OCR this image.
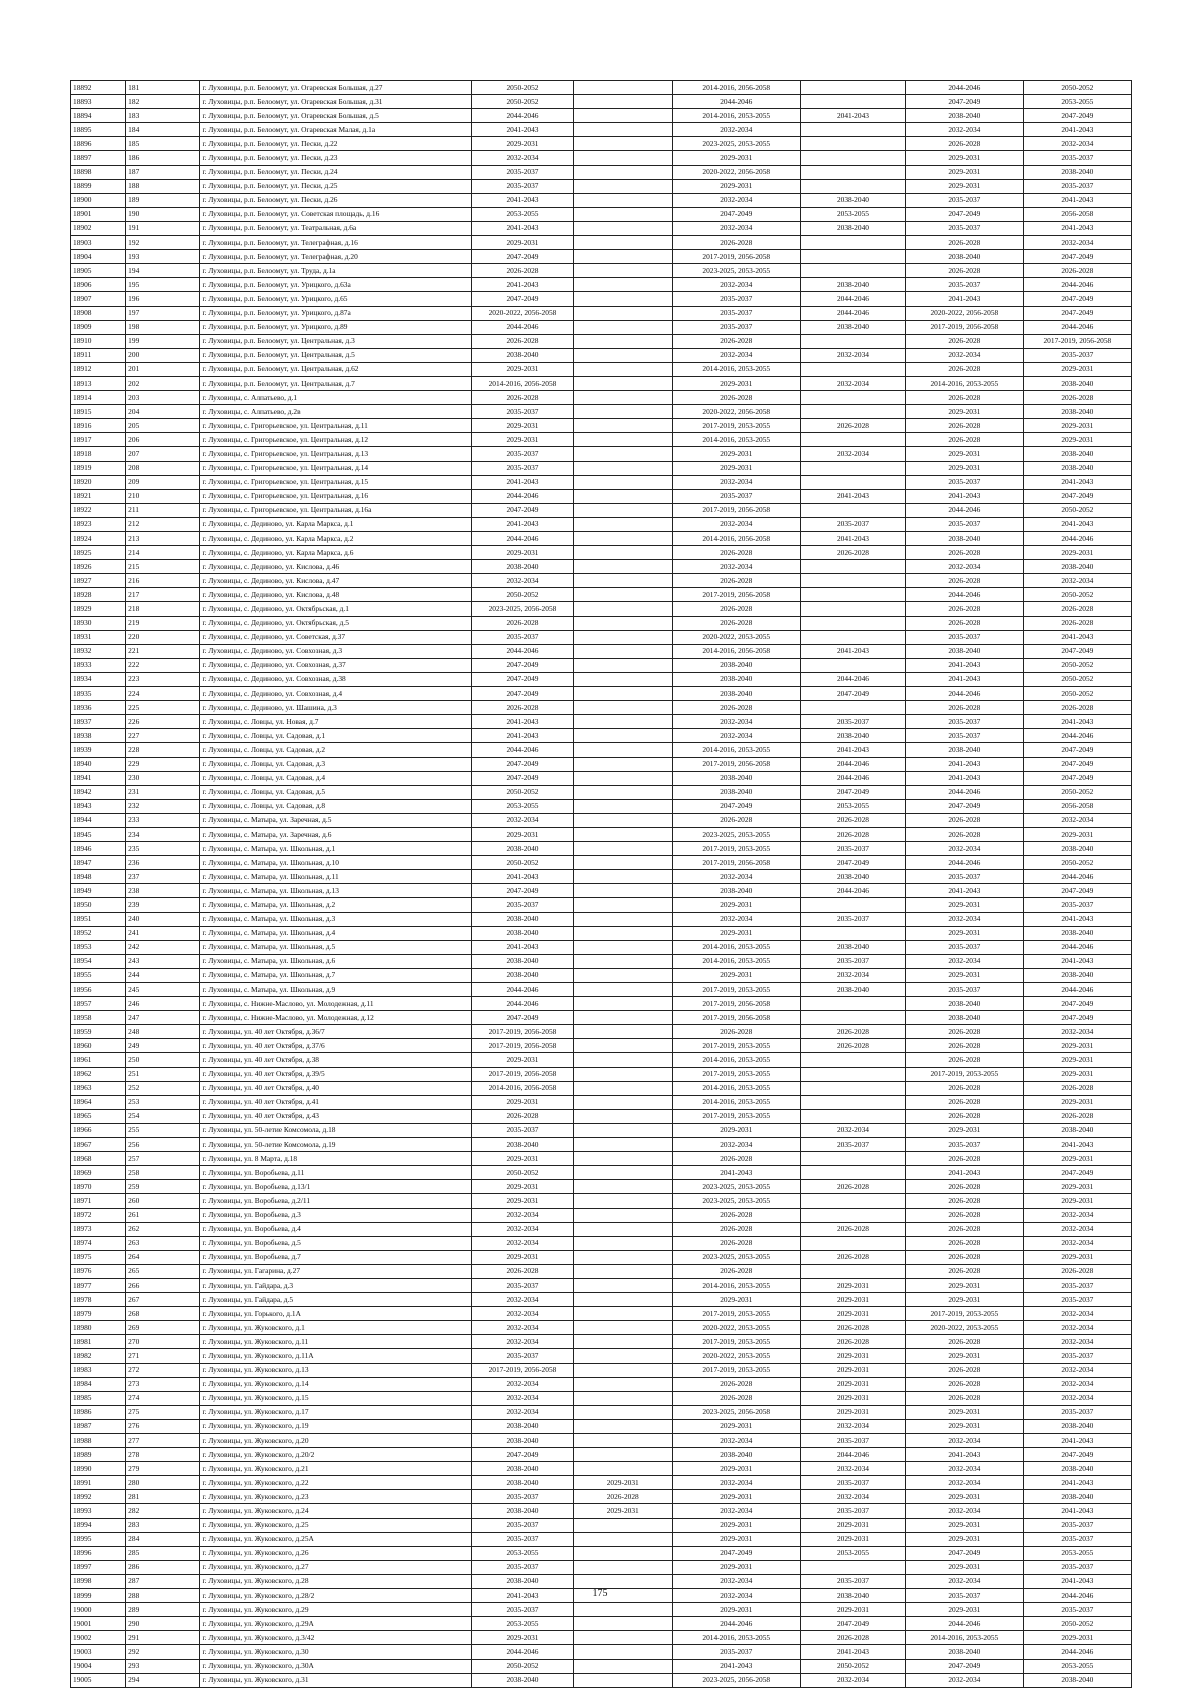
18892	181	г. Луховицы, р.п. Белоомут, ул. Огаревская Большая, д.27	2050-2052		2014-2016, 2056-2058		2044-2046	2050-2052
18893	182	г. Луховицы, р.п. Белоомут, ул. Огаревская Большая, д.31	2050-2052		2044-2046		2047-2049	2053-2055
18894	183	г. Луховицы, р.п. Белоомут, ул. Огаревская Большая, д.5	2044-2046		2014-2016, 2053-2055	2041-2043	2038-2040	2047-2049
18895	184	г. Луховицы, р.п. Белоомут, ул. Огаревская Малая, д.1а	2041-2043		2032-2034		2032-2034	2041-2043
18896	185	г. Луховицы, р.п. Белоомут, ул. Пески, д.22	2029-2031		2023-2025, 2053-2055		2026-2028	2032-2034
18897	186	г. Луховицы, р.п. Белоомут, ул. Пески, д.23	2032-2034		2029-2031		2029-2031	2035-2037
18898	187	г. Луховицы, р.п. Белоомут, ул. Пески, д.24	2035-2037		2020-2022, 2056-2058		2029-2031	2038-2040
18899	188	г. Луховицы, р.п. Белоомут, ул. Пески, д.25	2035-2037		2029-2031		2029-2031	2035-2037
18900	189	г. Луховицы, р.п. Белоомут, ул. Пески, д.26	2041-2043		2032-2034	2038-2040	2035-2037	2041-2043
18901	190	г. Луховицы, р.п. Белоомут, ул. Советская площадь, д.16	2053-2055		2047-2049	2053-2055	2047-2049	2056-2058
18902	191	г. Луховицы, р.п. Белоомут, ул. Театральная, д.6а	2041-2043		2032-2034	2038-2040	2035-2037	2041-2043
18903	192	г. Луховицы, р.п. Белоомут, ул. Телеграфная, д.16	2029-2031		2026-2028		2026-2028	2032-2034
18904	193	г. Луховицы, р.п. Белоомут, ул. Телеграфная, д.20	2047-2049		2017-2019, 2056-2058		2038-2040	2047-2049
18905	194	г. Луховицы, р.п. Белоомут, ул. Труда, д.1а	2026-2028		2023-2025, 2053-2055		2026-2028	2026-2028
18906	195	г. Луховицы, р.п. Белоомут, ул. Урицкого, д.63а	2041-2043		2032-2034	2038-2040	2035-2037	2044-2046
18907	196	г. Луховицы, р.п. Белоомут, ул. Урицкого, д.65	2047-2049		2035-2037	2044-2046	2041-2043	2047-2049
18908	197	г. Луховицы, р.п. Белоомут, ул. Урицкого, д.87а	2020-2022, 2056-2058		2035-2037	2044-2046	2020-2022, 2056-2058	2047-2049
18909	198	г. Луховицы, р.п. Белоомут, ул. Урицкого, д.89	2044-2046		2035-2037	2038-2040	2017-2019, 2056-2058	2044-2046
18910	199	г. Луховицы, р.п. Белоомут, ул. Центральная, д.3	2026-2028		2026-2028		2026-2028	2017-2019, 2056-2058
18911	200	г. Луховицы, р.п. Белоомут, ул. Центральная, д.5	2038-2040		2032-2034	2032-2034	2032-2034	2035-2037
18912	201	г. Луховицы, р.п. Белоомут, ул. Центральная, д.62	2029-2031		2014-2016, 2053-2055		2026-2028	2029-2031
18913	202	г. Луховицы, р.п. Белоомут, ул. Центральная, д.7	2014-2016, 2056-2058		2029-2031	2032-2034	2014-2016, 2053-2055	2038-2040
18914	203	г. Луховицы, с. Алпатьево, д.1	2026-2028		2026-2028		2026-2028	2026-2028
18915	204	г. Луховицы, с. Алпатьево, д.2в	2035-2037		2020-2022, 2056-2058		2029-2031	2038-2040
18916	205	г. Луховицы, с. Григорьевское, ул. Центральная, д.11	2029-2031		2017-2019, 2053-2055	2026-2028	2026-2028	2029-2031
18917	206	г. Луховицы, с. Григорьевское, ул. Центральная, д.12	2029-2031		2014-2016, 2053-2055		2026-2028	2029-2031
18918	207	г. Луховицы, с. Григорьевское, ул. Центральная, д.13	2035-2037		2029-2031	2032-2034	2029-2031	2038-2040
18919	208	г. Луховицы, с. Григорьевское, ул. Центральная, д.14	2035-2037		2029-2031		2029-2031	2038-2040
18920	209	г. Луховицы, с. Григорьевское, ул. Центральная, д.15	2041-2043		2032-2034		2035-2037	2041-2043
18921	210	г. Луховицы, с. Григорьевское, ул. Центральная, д.16	2044-2046		2035-2037	2041-2043	2041-2043	2047-2049
18922	211	г. Луховицы, с. Григорьевское, ул. Центральная, д.16а	2047-2049		2017-2019, 2056-2058		2044-2046	2050-2052
18923	212	г. Луховицы, с. Дединово, ул. Карла Маркса, д.1	2041-2043		2032-2034	2035-2037	2035-2037	2041-2043
18924	213	г. Луховицы, с. Дединово, ул. Карла Маркса, д.2	2044-2046		2014-2016, 2056-2058	2041-2043	2038-2040	2044-2046
18925	214	г. Луховицы, с. Дединово, ул. Карла Маркса, д.6	2029-2031		2026-2028	2026-2028	2026-2028	2029-2031
18926	215	г. Луховицы, с. Дединово, ул. Кислова, д.46	2038-2040		2032-2034		2032-2034	2038-2040
18927	216	г. Луховицы, с. Дединово, ул. Кислова, д.47	2032-2034		2026-2028		2026-2028	2032-2034
18928	217	г. Луховицы, с. Дединово, ул. Кислова, д.48	2050-2052		2017-2019, 2056-2058		2044-2046	2050-2052
18929	218	г. Луховицы, с. Дединово, ул. Октябрьская, д.1	2023-2025, 2056-2058		2026-2028		2026-2028	2026-2028
18930	219	г. Луховицы, с. Дединово, ул. Октябрьская, д.5	2026-2028		2026-2028		2026-2028	2026-2028
18931	220	г. Луховицы, с. Дединово, ул. Советская, д.37	2035-2037		2020-2022, 2053-2055		2035-2037	2041-2043
18932	221	г. Луховицы, с. Дединово, ул. Совхозная, д.3	2044-2046		2014-2016, 2056-2058	2041-2043	2038-2040	2047-2049
18933	222	г. Луховицы, с. Дединово, ул. Совхозная, д.37	2047-2049		2038-2040		2041-2043	2050-2052
18934	223	г. Луховицы, с. Дединово, ул. Совхозная, д.38	2047-2049		2038-2040	2044-2046	2041-2043	2050-2052
18935	224	г. Луховицы, с. Дединово, ул. Совхозная, д.4	2047-2049		2038-2040	2047-2049	2044-2046	2050-2052
18936	225	г. Луховицы, с. Дединово, ул. Шашина, д.3	2026-2028		2026-2028		2026-2028	2026-2028
18937	226	г. Луховицы, с. Ловцы, ул. Новая, д.7	2041-2043		2032-2034	2035-2037	2035-2037	2041-2043
18938	227	г. Луховицы, с. Ловцы, ул. Садовая, д.1	2041-2043		2032-2034	2038-2040	2035-2037	2044-2046
18939	228	г. Луховицы, с. Ловцы, ул. Садовая, д.2	2044-2046		2014-2016, 2053-2055	2041-2043	2038-2040	2047-2049
18940	229	г. Луховицы, с. Ловцы, ул. Садовая, д.3	2047-2049		2017-2019, 2056-2058	2044-2046	2041-2043	2047-2049
18941	230	г. Луховицы, с. Ловцы, ул. Садовая, д.4	2047-2049		2038-2040	2044-2046	2041-2043	2047-2049
18942	231	г. Луховицы, с. Ловцы, ул. Садовая, д.5	2050-2052		2038-2040	2047-2049	2044-2046	2050-2052
18943	232	г. Луховицы, с. Ловцы, ул. Садовая, д.8	2053-2055		2047-2049	2053-2055	2047-2049	2056-2058
18944	233	г. Луховицы, с. Матыра, ул. Заречная, д.5	2032-2034		2026-2028	2026-2028	2026-2028	2032-2034
18945	234	г. Луховицы, с. Матыра, ул. Заречная, д.6	2029-2031		2023-2025, 2053-2055	2026-2028	2026-2028	2029-2031
18946	235	г. Луховицы, с. Матыра, ул. Школьная, д.1	2038-2040		2017-2019, 2053-2055	2035-2037	2032-2034	2038-2040
18947	236	г. Луховицы, с. Матыра, ул. Школьная, д.10	2050-2052		2017-2019, 2056-2058	2047-2049	2044-2046	2050-2052
18948	237	г. Луховицы, с. Матыра, ул. Школьная, д.11	2041-2043		2032-2034	2038-2040	2035-2037	2044-2046
18949	238	г. Луховицы, с. Матыра, ул. Школьная, д.13	2047-2049		2038-2040	2044-2046	2041-2043	2047-2049
18950	239	г. Луховицы, с. Матыра, ул. Школьная, д.2	2035-2037		2029-2031		2029-2031	2035-2037
18951	240	г. Луховицы, с. Матыра, ул. Школьная, д.3	2038-2040		2032-2034	2035-2037	2032-2034	2041-2043
18952	241	г. Луховицы, с. Матыра, ул. Школьная, д.4	2038-2040		2029-2031		2029-2031	2038-2040
18953	242	г. Луховицы, с. Матыра, ул. Школьная, д.5	2041-2043		2014-2016, 2053-2055	2038-2040	2035-2037	2044-2046
18954	243	г. Луховицы, с. Матыра, ул. Школьная, д.6	2038-2040		2014-2016, 2053-2055	2035-2037	2032-2034	2041-2043
18955	244	г. Луховицы, с. Матыра, ул. Школьная, д.7	2038-2040		2029-2031	2032-2034	2029-2031	2038-2040
18956	245	г. Луховицы, с. Матыра, ул. Школьная, д.9	2044-2046		2017-2019, 2053-2055	2038-2040	2035-2037	2044-2046
18957	246	г. Луховицы, с. Нижне-Маслово, ул. Молодежная, д.11	2044-2046		2017-2019, 2056-2058		2038-2040	2047-2049
18958	247	г. Луховицы, с. Нижне-Маслово, ул. Молодежная, д.12	2047-2049		2017-2019, 2056-2058		2038-2040	2047-2049
18959	248	г. Луховицы, ул. 40 лет Октября, д.36/7	2017-2019, 2056-2058		2026-2028	2026-2028	2026-2028	2032-2034
18960	249	г. Луховицы, ул. 40 лет Октября, д.37/6	2017-2019, 2056-2058		2017-2019, 2053-2055	2026-2028	2026-2028	2029-2031
18961	250	г. Луховицы, ул. 40 лет Октября, д.38	2029-2031		2014-2016, 2053-2055		2026-2028	2029-2031
18962	251	г. Луховицы, ул. 40 лет Октября, д.39/5	2017-2019, 2056-2058		2017-2019, 2053-2055		2017-2019, 2053-2055	2029-2031
18963	252	г. Луховицы, ул. 40 лет Октября, д.40	2014-2016, 2056-2058		2014-2016, 2053-2055		2026-2028	2026-2028
18964	253	г. Луховицы, ул. 40 лет Октября, д.41	2029-2031		2014-2016, 2053-2055		2026-2028	2029-2031
18965	254	г. Луховицы, ул. 40 лет Октября, д.43	2026-2028		2017-2019, 2053-2055		2026-2028	2026-2028
18966	255	г. Луховицы, ул. 50-летие Комсомола, д.18	2035-2037		2029-2031	2032-2034	2029-2031	2038-2040
18967	256	г. Луховицы, ул. 50-летие Комсомола, д.19	2038-2040		2032-2034	2035-2037	2035-2037	2041-2043
18968	257	г. Луховицы, ул. 8 Марта, д.18	2029-2031		2026-2028		2026-2028	2029-2031
18969	258	г. Луховицы, ул. Воробьева, д.11	2050-2052		2041-2043		2041-2043	2047-2049
18970	259	г. Луховицы, ул. Воробьева, д.13/1	2029-2031		2023-2025, 2053-2055	2026-2028	2026-2028	2029-2031
18971	260	г. Луховицы, ул. Воробьева, д.2/11	2029-2031		2023-2025, 2053-2055		2026-2028	2029-2031
18972	261	г. Луховицы, ул. Воробьева, д.3	2032-2034		2026-2028		2026-2028	2032-2034
18973	262	г. Луховицы, ул. Воробьева, д.4	2032-2034		2026-2028	2026-2028	2026-2028	2032-2034
18974	263	г. Луховицы, ул. Воробьева, д.5	2032-2034		2026-2028		2026-2028	2032-2034
18975	264	г. Луховицы, ул. Воробьева, д.7	2029-2031		2023-2025, 2053-2055	2026-2028	2026-2028	2029-2031
18976	265	г. Луховицы, ул. Гагарина, д.27	2026-2028		2026-2028		2026-2028	2026-2028
18977	266	г. Луховицы, ул. Гайдара, д.3	2035-2037		2014-2016, 2053-2055	2029-2031	2029-2031	2035-2037
18978	267	г. Луховицы, ул. Гайдара, д.5	2032-2034		2029-2031	2029-2031	2029-2031	2035-2037
18979	268	г. Луховицы, ул. Горького, д.1А	2032-2034		2017-2019, 2053-2055	2029-2031	2017-2019, 2053-2055	2032-2034
18980	269	г. Луховицы, ул. Жуковского, д.1	2032-2034		2020-2022, 2053-2055	2026-2028	2020-2022, 2053-2055	2032-2034
18981	270	г. Луховицы, ул. Жуковского, д.11	2032-2034		2017-2019, 2053-2055	2026-2028	2026-2028	2032-2034
18982	271	г. Луховицы, ул. Жуковского, д.11А	2035-2037		2020-2022, 2053-2055	2029-2031	2029-2031	2035-2037
18983	272	г. Луховицы, ул. Жуковского, д.13	2017-2019, 2056-2058		2017-2019, 2053-2055	2029-2031	2026-2028	2032-2034
18984	273	г. Луховицы, ул. Жуковского, д.14	2032-2034		2026-2028	2029-2031	2026-2028	2032-2034
18985	274	г. Луховицы, ул. Жуковского, д.15	2032-2034		2026-2028	2029-2031	2026-2028	2032-2034
18986	275	г. Луховицы, ул. Жуковского, д.17	2032-2034		2023-2025, 2056-2058	2029-2031	2029-2031	2035-2037
18987	276	г. Луховицы, ул. Жуковского, д.19	2038-2040		2029-2031	2032-2034	2029-2031	2038-2040
18988	277	г. Луховицы, ул. Жуковского, д.20	2038-2040		2032-2034	2035-2037	2032-2034	2041-2043
18989	278	г. Луховицы, ул. Жуковского, д.20/2	2047-2049		2038-2040	2044-2046	2041-2043	2047-2049
18990	279	г. Луховицы, ул. Жуковского, д.21	2038-2040		2029-2031	2032-2034	2032-2034	2038-2040
18991	280	г. Луховицы, ул. Жуковского, д.22	2038-2040	2029-2031	2032-2034	2035-2037	2032-2034	2041-2043
18992	281	г. Луховицы, ул. Жуковского, д.23	2035-2037	2026-2028	2029-2031	2032-2034	2029-2031	2038-2040
18993	282	г. Луховицы, ул. Жуковского, д.24	2038-2040	2029-2031	2032-2034	2035-2037	2032-2034	2041-2043
18994	283	г. Луховицы, ул. Жуковского, д.25	2035-2037		2029-2031	2029-2031	2029-2031	2035-2037
18995	284	г. Луховицы, ул. Жуковского, д.25А	2035-2037		2029-2031	2029-2031	2029-2031	2035-2037
18996	285	г. Луховицы, ул. Жуковского, д.26	2053-2055		2047-2049	2053-2055	2047-2049	2053-2055
18997	286	г. Луховицы, ул. Жуковского, д.27	2035-2037		2029-2031		2029-2031	2035-2037
18998	287	г. Луховицы, ул. Жуковского, д.28	2038-2040		2032-2034	2035-2037	2032-2034	2041-2043
18999	288	г. Луховицы, ул. Жуковского, д.28/2	2041-2043		2032-2034	2038-2040	2035-2037	2044-2046
19000	289	г. Луховицы, ул. Жуковского, д.29	2035-2037		2029-2031	2029-2031	2029-2031	2035-2037
19001	290	г. Луховицы, ул. Жуковского, д.29А	2053-2055		2044-2046	2047-2049	2044-2046	2050-2052
19002	291	г. Луховицы, ул. Жуковского, д.3/42	2029-2031		2014-2016, 2053-2055	2026-2028	2014-2016, 2053-2055	2029-2031
19003	292	г. Луховицы, ул. Жуковского, д.30	2044-2046		2035-2037	2041-2043	2038-2040	2044-2046
19004	293	г. Луховицы, ул. Жуковского, д.30А	2050-2052		2041-2043	2050-2052	2047-2049	2053-2055
19005	294	г. Луховицы, ул. Жуковского, д.31	2038-2040		2023-2025, 2056-2058	2032-2034	2032-2034	2038-2040
175
